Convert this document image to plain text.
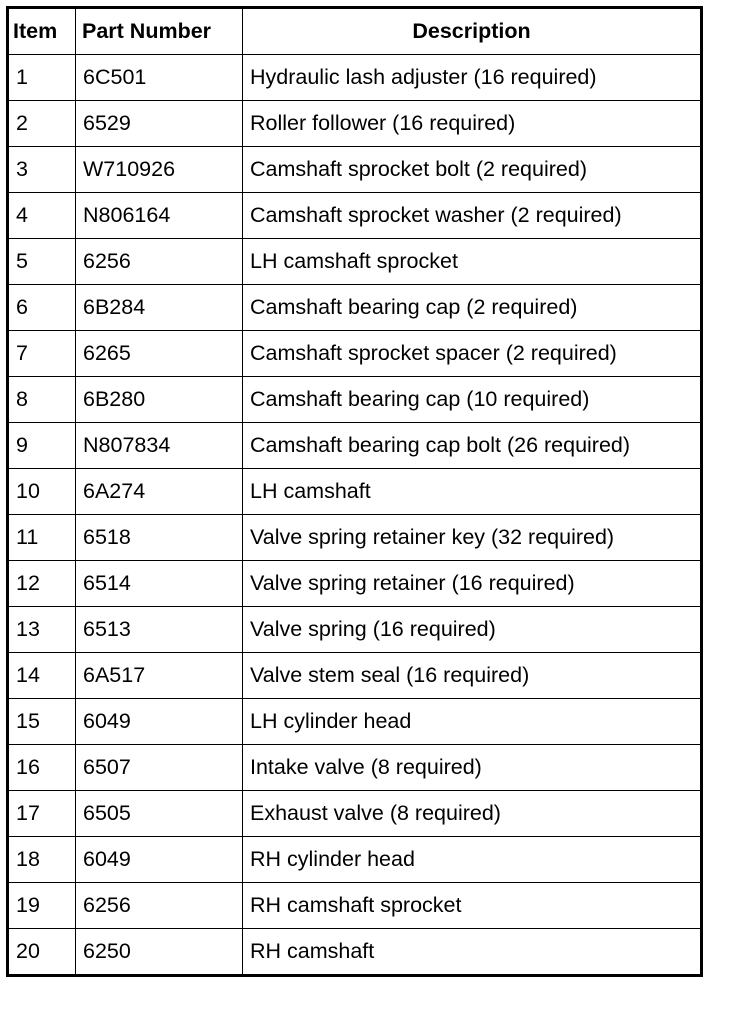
Item	Part Number	Description
1	6C501	Hydraulic lash adjuster (16 required)
2	6529	Roller follower (16 required)
3	W710926	Camshaft sprocket bolt (2 required)
4	N806164	Camshaft sprocket washer (2 required)
5	6256	LH camshaft sprocket
6	6B284	Camshaft bearing cap (2 required)
7	6265	Camshaft sprocket spacer (2 required)
8	6B280	Camshaft bearing cap (10 required)
9	N807834	Camshaft bearing cap bolt (26 required)
10	6A274	LH camshaft
11	6518	Valve spring retainer key (32 required)
12	6514	Valve spring retainer (16 required)
13	6513	Valve spring (16 required)
14	6A517	Valve stem seal (16 required)
15	6049	LH cylinder head
16	6507	Intake valve (8 required)
17	6505	Exhaust valve (8 required)
18	6049	RH cylinder head
19	6256	RH camshaft sprocket
20	6250	RH camshaft
